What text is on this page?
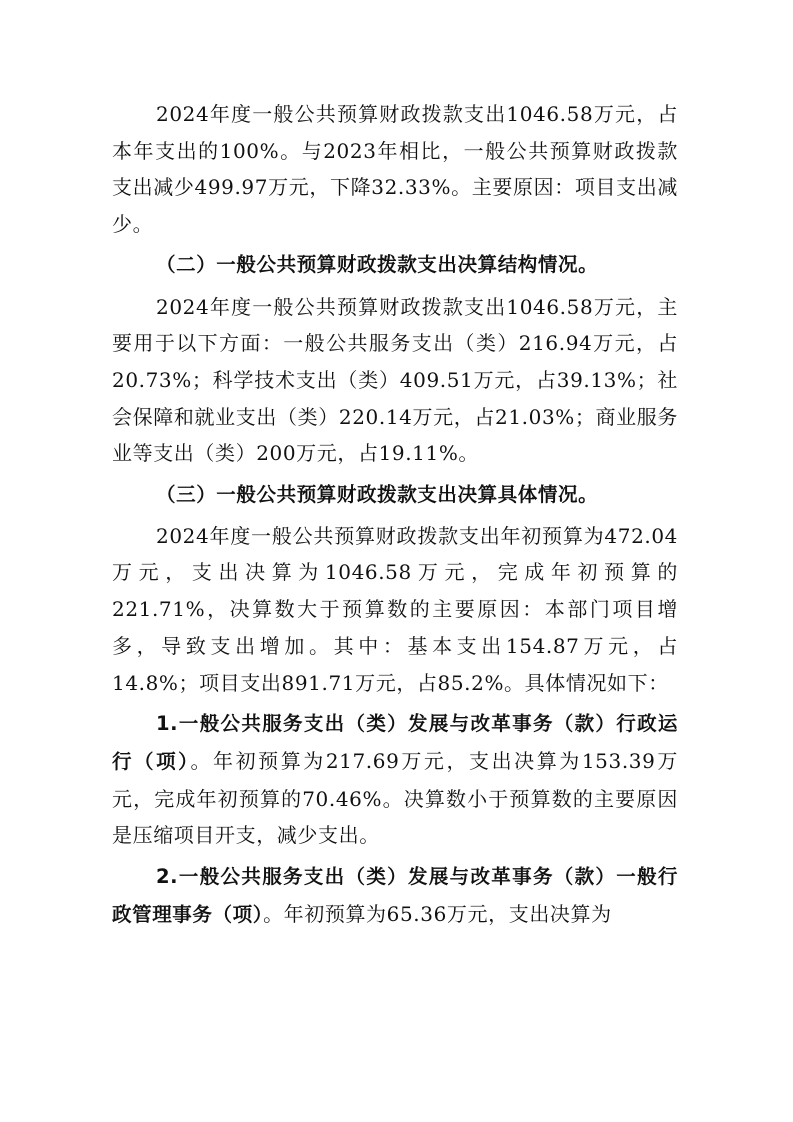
2024年度一般公共预算财政拨款支出1046.58万元，占本年支出的100%。与2023年相比，一般公共预算财政拨款支出减少499.97万元，下降32.33%。主要原因：项目支出减少。

（二）一般公共预算财政拨款支出决算结构情况。

2024年度一般公共预算财政拨款支出1046.58万元，主要用于以下方面：一般公共服务支出（类）216.94万元，占20.73%；科学技术支出（类）409.51万元，占39.13%；社会保障和就业支出（类）220.14万元，占21.03%；商业服务业等支出（类）200万元，占19.11%。

（三）一般公共预算财政拨款支出决算具体情况。

2024年度一般公共预算财政拨款支出年初预算为472.04万元，支出决算为1046.58万元，完成年初预算的221.71%，决算数大于预算数的主要原因：本部门项目增多，导致支出增加。其中：基本支出154.87万元，占14.8%；项目支出891.71万元，占85.2%。具体情况如下：

1.一般公共服务支出（类）发展与改革事务（款）行政运行（项）。年初预算为217.69万元，支出决算为153.39万元，完成年初预算的70.46%。决算数小于预算数的主要原因是压缩项目开支，减少支出。

2.一般公共服务支出（类）发展与改革事务（款）一般行政管理事务（项）。年初预算为65.36万元，支出决算为
